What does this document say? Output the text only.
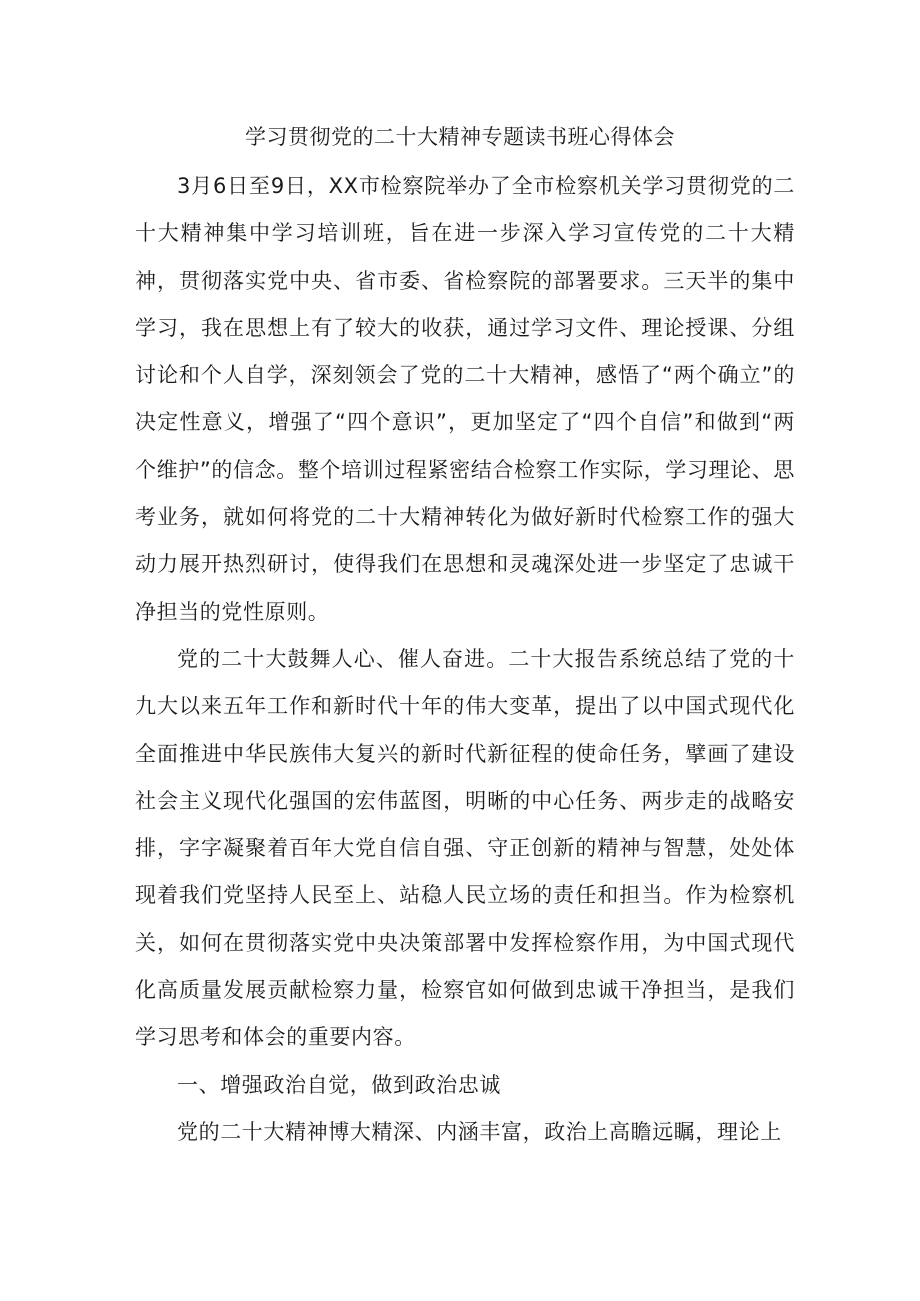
学习贯彻党的二十大精神专题读书班心得体会

3月6日至9日，XX市检察院举办了全市检察机关学习贯彻党的二十大精神集中学习培训班，旨在进一步深入学习宣传党的二十大精神，贯彻落实党中央、省市委、省检察院的部署要求。三天半的集中学习，我在思想上有了较大的收获，通过学习文件、理论授课、分组讨论和个人自学，深刻领会了党的二十大精神，感悟了“两个确立”的决定性意义，增强了“四个意识”，更加坚定了“四个自信”和做到“两个维护”的信念。整个培训过程紧密结合检察工作实际，学习理论、思考业务，就如何将党的二十大精神转化为做好新时代检察工作的强大动力展开热烈研讨，使得我们在思想和灵魂深处进一步坚定了忠诚干净担当的党性原则。

党的二十大鼓舞人心、催人奋进。二十大报告系统总结了党的十九大以来五年工作和新时代十年的伟大变革，提出了以中国式现代化全面推进中华民族伟大复兴的新时代新征程的使命任务，擘画了建设社会主义现代化强国的宏伟蓝图，明晰的中心任务、两步走的战略安排，字字凝聚着百年大党自信自强、守正创新的精神与智慧，处处体现着我们党坚持人民至上、站稳人民立场的责任和担当。作为检察机关，如何在贯彻落实党中央决策部署中发挥检察作用，为中国式现代化高质量发展贡献检察力量，检察官如何做到忠诚干净担当，是我们学习思考和体会的重要内容。

一、增强政治自觉，做到政治忠诚

党的二十大精神博大精深、内涵丰富，政治上高瞻远瞩，理论上
